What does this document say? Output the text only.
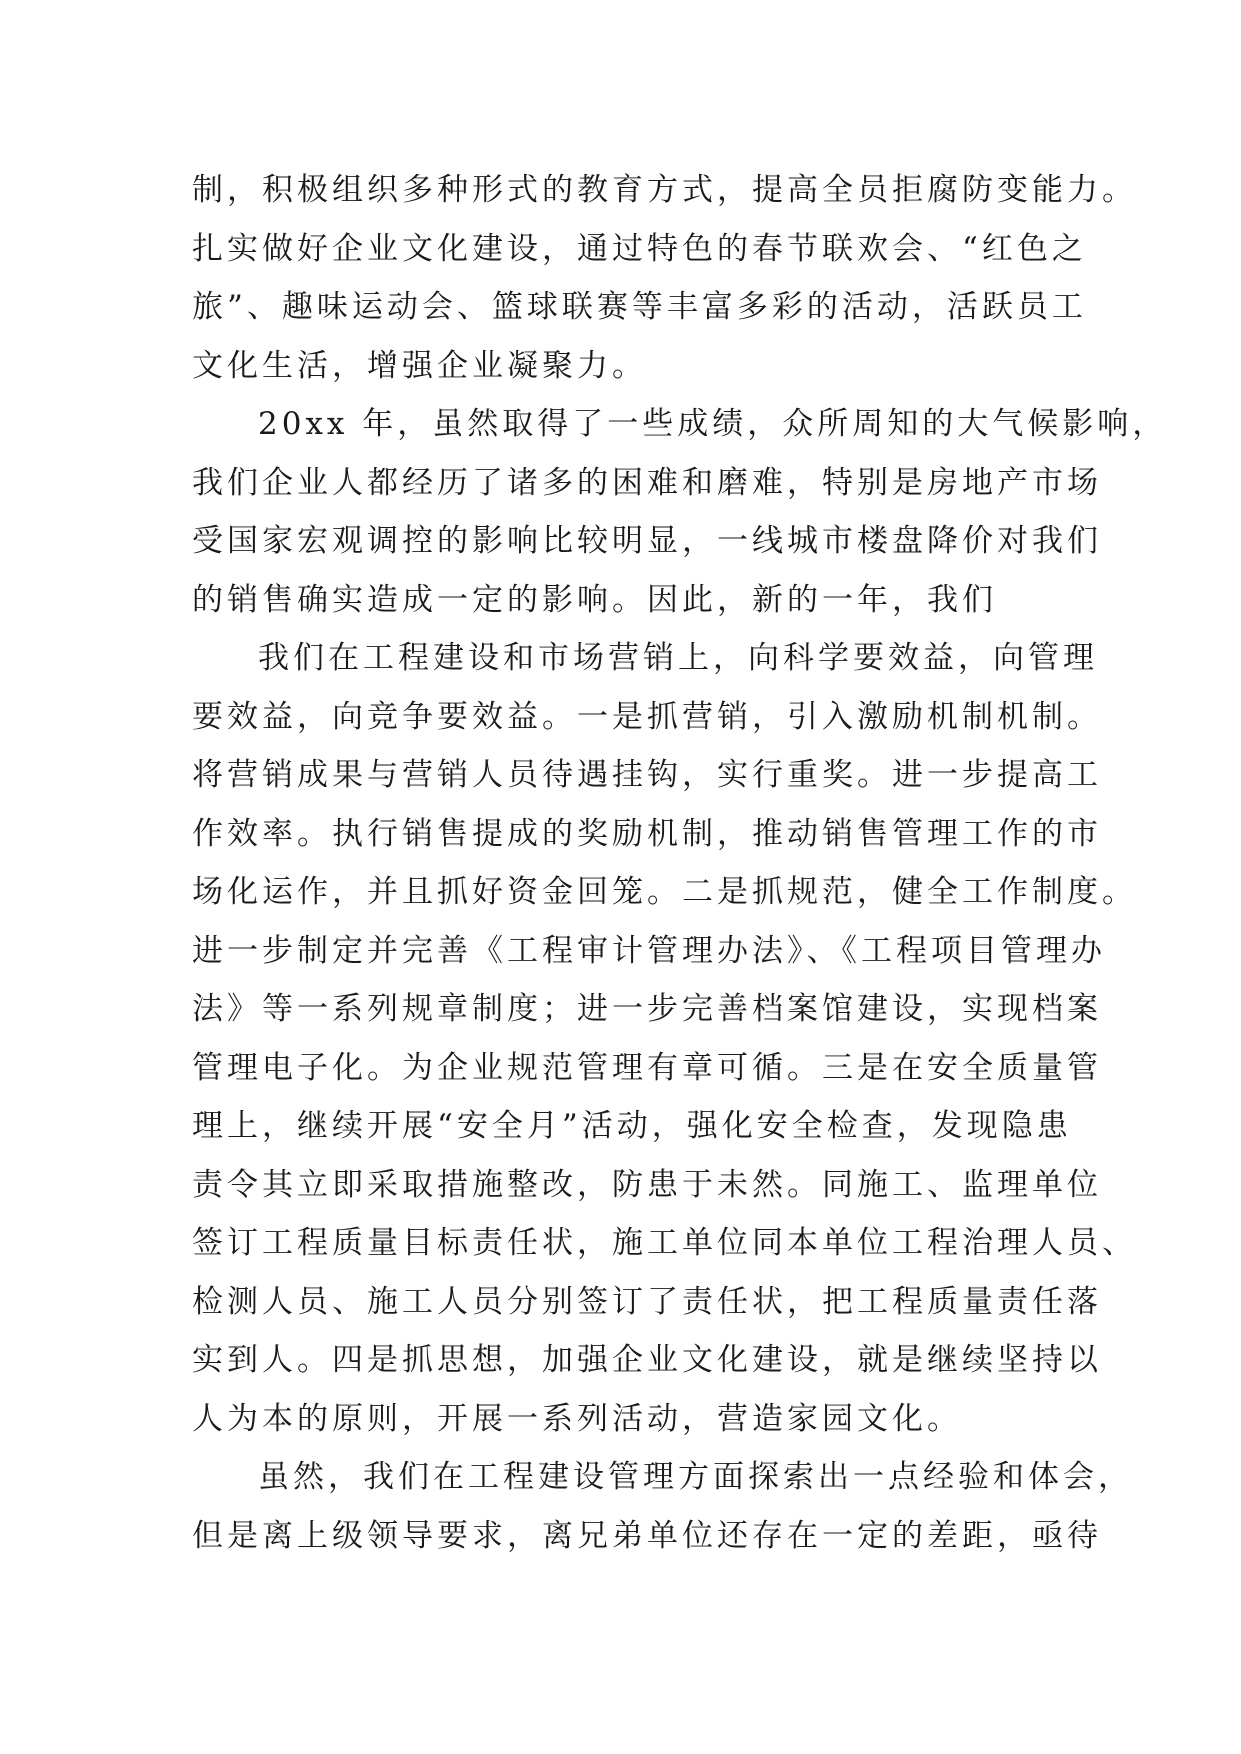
制，积极组织多种形式的教育方式，提高全员拒腐防变能力。
扎实做好企业文化建设，通过特色的春节联欢会、“红色之
旅”、趣味运动会、篮球联赛等丰富多彩的活动，活跃员工
文化生活，增强企业凝聚力。
20xx 年，虽然取得了一些成绩，众所周知的大气候影响，
我们企业人都经历了诸多的困难和磨难，特别是房地产市场
受国家宏观调控的影响比较明显，一线城市楼盘降价对我们
的销售确实造成一定的影响。因此，新的一年，我们
我们在工程建设和市场营销上，向科学要效益，向管理
要效益，向竞争要效益。一是抓营销，引入激励机制机制。
将营销成果与营销人员待遇挂钩，实行重奖。进一步提高工
作效率。执行销售提成的奖励机制，推动销售管理工作的市
场化运作，并且抓好资金回笼。二是抓规范，健全工作制度。
进一步制定并完善《工程审计管理办法》、《工程项目管理办
法》等一系列规章制度；进一步完善档案馆建设，实现档案
管理电子化。为企业规范管理有章可循。三是在安全质量管
理上，继续开展“安全月”活动，强化安全检查，发现隐患
责令其立即采取措施整改，防患于未然。同施工、监理单位
签订工程质量目标责任状，施工单位同本单位工程治理人员、
检测人员、施工人员分别签订了责任状，把工程质量责任落
实到人。四是抓思想，加强企业文化建设，就是继续坚持以
人为本的原则，开展一系列活动，营造家园文化。
虽然，我们在工程建设管理方面探索出一点经验和体会，
但是离上级领导要求，离兄弟单位还存在一定的差距，亟待
